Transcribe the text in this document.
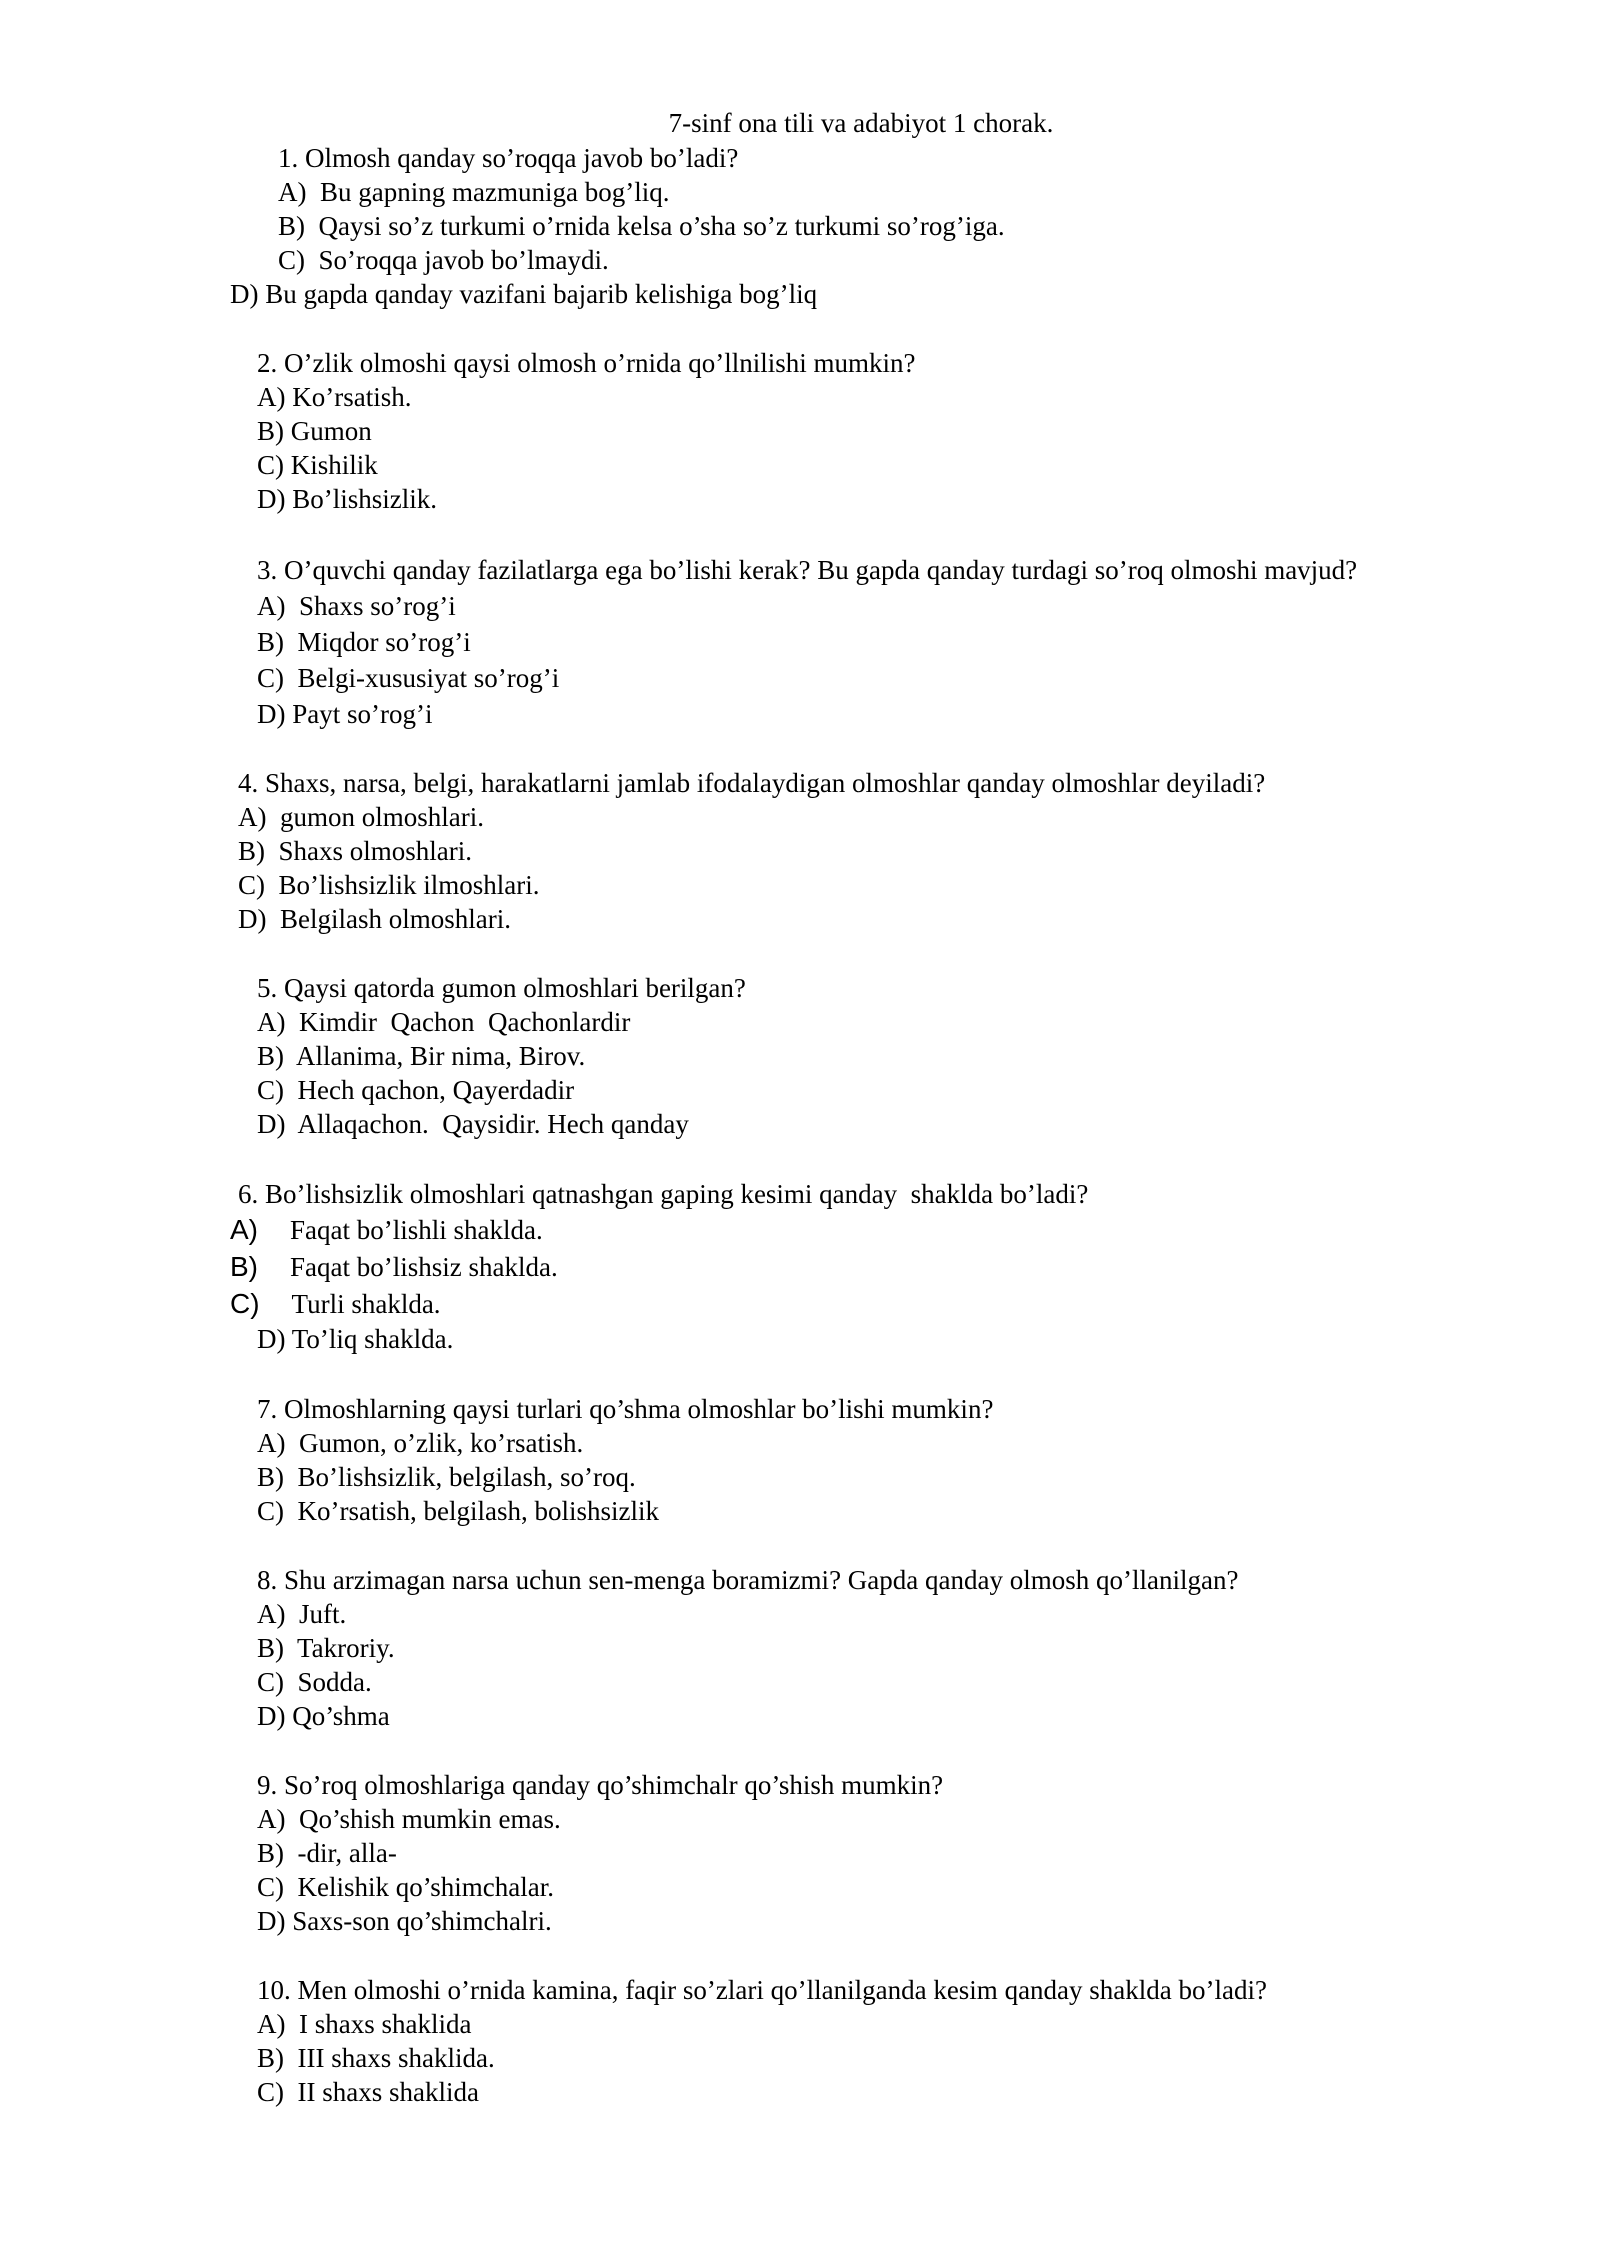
7-sinf ona tili va adabiyot 1 chorak.
1. Olmosh qanday so’roqqa javob bo’ladi?
A) Bu gapning mazmuniga bog’liq.
B) Qaysi so’z turkumi o’rnida kelsa o’sha so’z turkumi so’rog’iga.
C) So’roqqa javob bo’lmaydi.
D) Bu gapda qanday vazifani bajarib kelishiga bog’liq
2. O’zlik olmoshi qaysi olmosh o’rnida qo’llnilishi mumkin?
A) Ko’rsatish.
B) Gumon
C) Kishilik
D) Bo’lishsizlik.
3. O’quvchi qanday fazilatlarga ega bo’lishi kerak? Bu gapda qanday turdagi so’roq olmoshi mavjud?
A) Shaxs so’rog’i
B) Miqdor so’rog’i
C) Belgi-xususiyat so’rog’i
D) Payt so’rog’i
4. Shaxs, narsa, belgi, harakatlarni jamlab ifodalaydigan olmoshlar qanday olmoshlar deyiladi?
A) gumon olmoshlari.
B) Shaxs olmoshlari.
C) Bo’lishsizlik ilmoshlari.
D) Belgilash olmoshlari.
5. Qaysi qatorda gumon olmoshlari berilgan?
A) Kimdir  Qachon  Qachonlardir
B) Allanima, Bir nima, Birov.
C) Hech qachon, Qayerdadir
D) Allaqachon.  Qaysidir. Hech qanday
6. Bo’lishsizlik olmoshlari qatnashgan gaping kesimi qanday  shaklda bo’ladi?
A) Faqat bo’lishli shaklda.
B) Faqat bo’lishsiz shaklda.
C) Turli shaklda.
D) To’liq shaklda.
7. Olmoshlarning qaysi turlari qo’shma olmoshlar bo’lishi mumkin?
A) Gumon, o’zlik, ko’rsatish.
B) Bo’lishsizlik, belgilash, so’roq.
C) Ko’rsatish, belgilash, bolishsizlik
8. Shu arzimagan narsa uchun sen-menga boramizmi? Gapda qanday olmosh qo’llanilgan?
A) Juft.
B) Takroriy.
C) Sodda.
D) Qo’shma
9. So’roq olmoshlariga qanday qo’shimchalr qo’shish mumkin?
A) Qo’shish mumkin emas.
B) -dir, alla-
C) Kelishik qo’shimchalar.
D) Saxs-son qo’shimchalri.
10. Men olmoshi o’rnida kamina, faqir so’zlari qo’llanilganda kesim qanday shaklda bo’ladi?
A) I shaxs shaklida
B) III shaxs shaklida.
C) II shaxs shaklida
